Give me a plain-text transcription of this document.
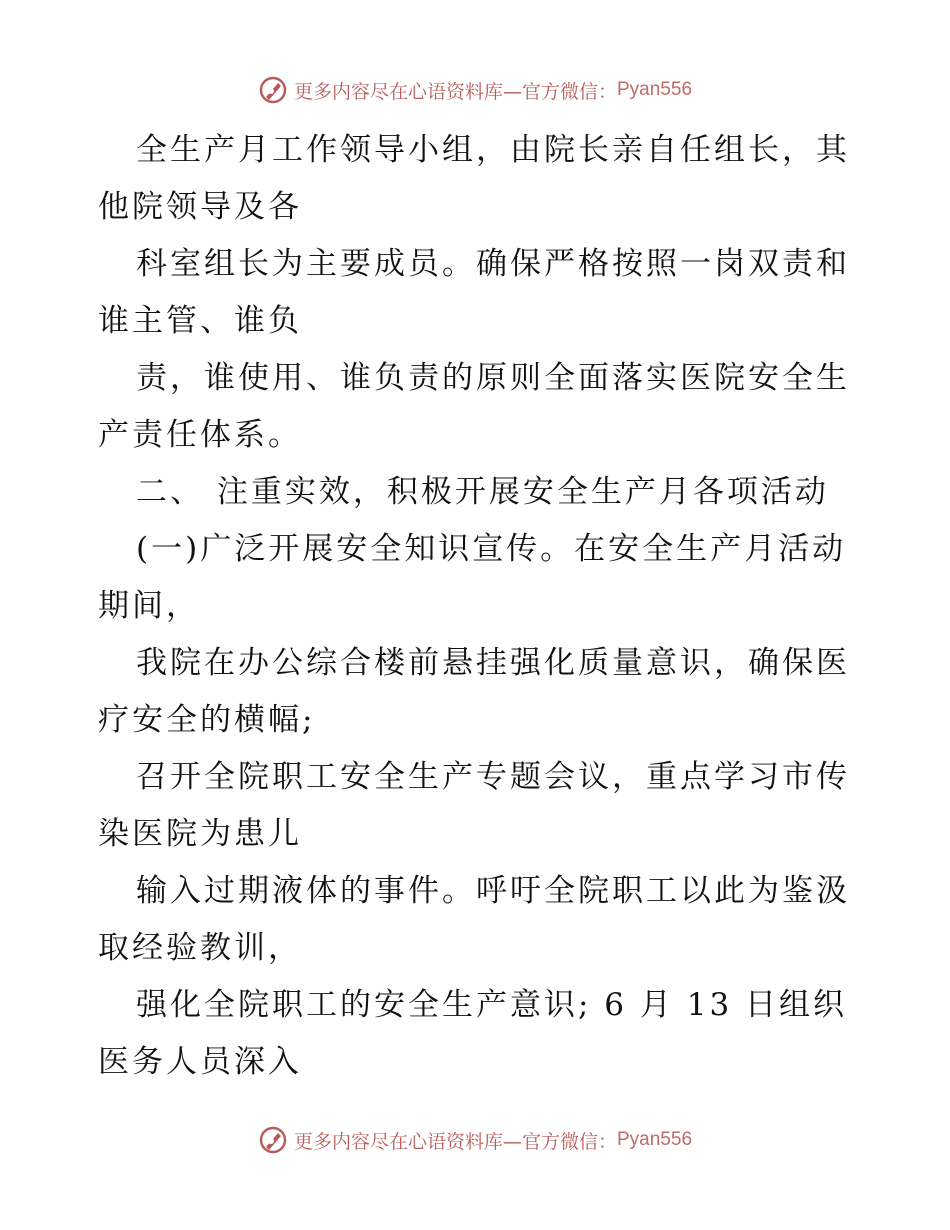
更多内容尽在心语资料库—官方微信： Pyan556

全生产月工作领导小组，由院长亲自任组长，其
他院领导及各

科室组长为主要成员。确保严格按照一岗双责和
谁主管、谁负

责，谁使用、谁负责的原则全面落实医院安全生
产责任体系。

二、 注重实效，积极开展安全生产月各项活动

(一)广泛开展安全知识宣传。在安全生产月活动
期间，

我院在办公综合楼前悬挂强化质量意识，确保医
疗安全的横幅;

召开全院职工安全生产专题会议，重点学习市传
染医院为患儿

输入过期液体的事件。呼吁全院职工以此为鉴汲
取经验教训，

强化全院职工的安全生产意识; 6 月 13 日组织
医务人员深入

更多内容尽在心语资料库—官方微信： Pyan556
